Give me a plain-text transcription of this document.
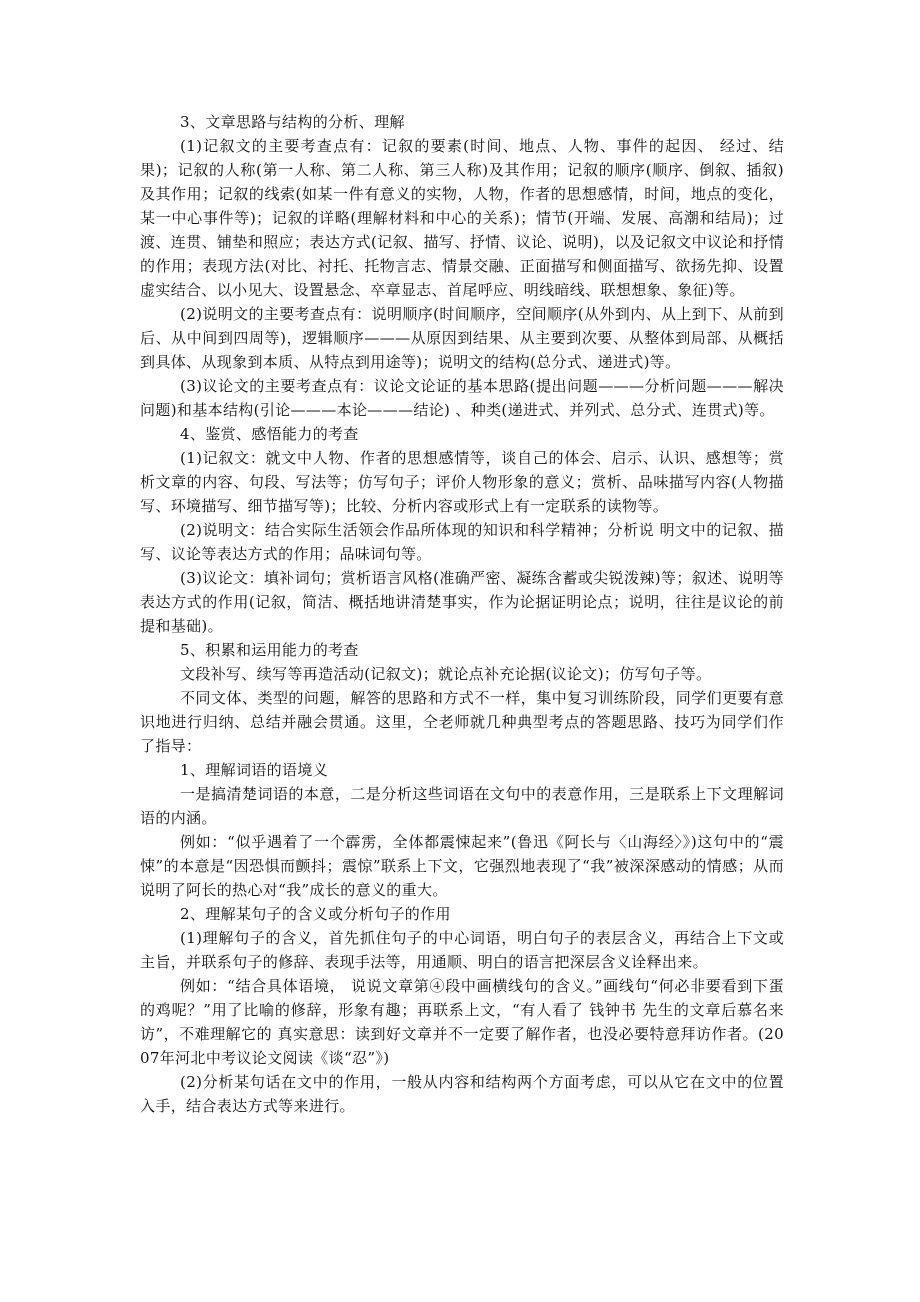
3、文章思路与结构的分析、理解

(1)记叙文的主要考查点有：记叙的要素(时间、地点、人物、事件的起因、 经过、结果)；记叙的人称(第一人称、第二人称、第三人称)及其作用；记叙的顺序(顺序、倒叙、插叙)及其作用；记叙的线索(如某一件有意义的实物，人物，作者的思想感情，时间，地点的变化，某一中心事件等)；记叙的详略(理解材料和中心的关系)；情节(开端、发展、高潮和结局)；过渡、连贯、铺垫和照应；表达方式(记叙、描写、抒情、议论、说明)，以及记叙文中议论和抒情的作用；表现方法(对比、衬托、托物言志、情景交融、正面描写和侧面描写、欲扬先抑、设置虚实结合、以小见大、设置悬念、卒章显志、首尾呼应、明线暗线、联想想象、象征)等。

(2)说明文的主要考查点有：说明顺序(时间顺序，空间顺序(从外到内、从上到下、从前到后、从中间到四周等)，逻辑顺序———从原因到结果、从主要到次要、从整体到局部、从概括到具体、从现象到本质、从特点到用途等)；说明文的结构(总分式、递进式)等。

(3)议论文的主要考查点有：议论文论证的基本思路(提出问题———分析问题———解决问题)和基本结构(引论———本论———结论) 、种类(递进式、并列式、总分式、连贯式)等。

4、鉴赏、感悟能力的考查

(1)记叙文：就文中人物、作者的思想感情等，谈自己的体会、启示、认识、感想等；赏析文章的内容、句段、写法等；仿写句子；评价人物形象的意义；赏析、品味描写内容(人物描写、环境描写、细节描写等)；比较、分析内容或形式上有一定联系的读物等。

(2)说明文：结合实际生活领会作品所体现的知识和科学精神；分析说 明文中的记叙、描写、议论等表达方式的作用；品味词句等。

(3)议论文：填补词句；赏析语言风格(准确严密、凝练含蓄或尖锐泼辣)等；叙述、说明等表达方式的作用(记叙，简洁、概括地讲清楚事实，作为论据证明论点；说明，往往是议论的前提和基础)。

5、积累和运用能力的考查

文段补写、续写等再造活动(记叙文)；就论点补充论据(议论文)；仿写句子等。

不同文体、类型的问题，解答的思路和方式不一样，集中复习训练阶段，同学们更要有意识地进行归纳、总结并融会贯通。这里，仝老师就几种典型考点的答题思路、技巧为同学们作了指导：

1、理解词语的语境义

一是搞清楚词语的本意，二是分析这些词语在文句中的表意作用，三是联系上下文理解词语的内涵。

例如：“似乎遇着了一个霹雳，全体都震悚起来”(鲁迅《阿长与〈山海经〉》)这句中的“震悚”的本意是“因恐惧而颤抖；震惊”联系上下文，它强烈地表现了“我”被深深感动的情感；从而说明了阿长的热心对“我”成长的意义的重大。

2、理解某句子的含义或分析句子的作用

(1)理解句子的含义，首先抓住句子的中心词语，明白句子的表层含义，再结合上下文或主旨，并联系句子的修辞、表现手法等，用通顺、明白的语言把深层含义诠释出来。

例如：“结合具体语境， 说说文章第④段中画横线句的含义。”画线句“何必非要看到下蛋的鸡呢？”用了比喻的修辞，形象有趣；再联系上文，“有人看了 钱钟书 先生的文章后慕名来访”，不难理解它的 真实意思：读到好文章并不一定要了解作者，也没必要特意拜访作者。(2007年河北中考议论文阅读《谈“忍”》)

(2)分析某句话在文中的作用，一般从内容和结构两个方面考虑，可以从它在文中的位置入手，结合表达方式等来进行。
